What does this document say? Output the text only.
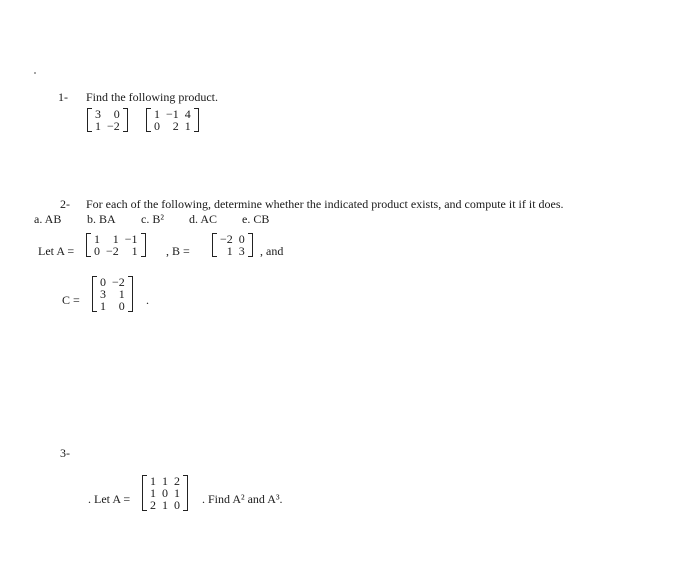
1- Find the following product.
3	0
1	−2
1	−1	4
0	2	1
2- For each of the following, determine whether the indicated product exists, and compute it if it does.
a. AB b. BA c. B² d. AC e. CB
Let A =
1	1	−1
0	−2	1 , B =
−2	0
1	3 , and
C =
0	−2
3	1
1	0 .
3-
. Let A =
1	1	2
1	0	1
2	1	0 . Find A² and A³.
